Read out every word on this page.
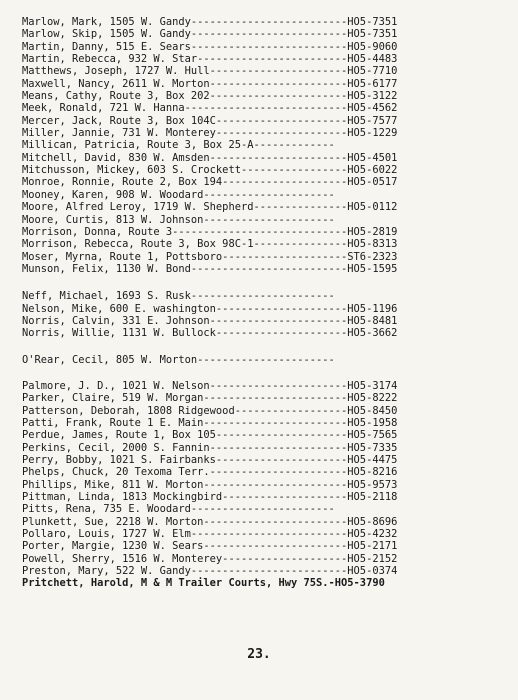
Marlow, Mark, 1505 W. Gandy-------------------------HO5-7351
Marlow, Skip, 1505 W. Gandy-------------------------HO5-7351
Martin, Danny, 515 E. Sears-------------------------HO5-9060
Martin, Rebecca, 932 W. Star------------------------HO5-4483
Matthews, Joseph, 1727 W. Hull----------------------HO5-7710
Maxwell, Nancy, 2611 W. Morton----------------------HO5-6177
Means, Cathy, Route 3, Box 202----------------------HO5-3122
Meek, Ronald, 721 W. Hanna--------------------------HO5-4562
Mercer, Jack, Route 3, Box 104C---------------------HO5-7577
Miller, Jannie, 731 W. Monterey---------------------HO5-1229
Millican, Patricia, Route 3, Box 25-A-------------
Mitchell, David, 830 W. Amsden----------------------HO5-4501
Mitchusson, Mickey, 603 S. Crockett-----------------HO5-6022
Monroe, Ronnie, Route 2, Box 194--------------------HO5-0517
Mooney, Karen, 908 W. Woodard---------------------
Moore, Alfred Leroy, 1719 W. Shepherd---------------HO5-0112
Moore, Curtis, 813 W. Johnson---------------------
Morrison, Donna, Route 3----------------------------HO5-2819
Morrison, Rebecca, Route 3, Box 98C-1---------------HO5-8313
Moser, Myrna, Route 1, Pottsboro--------------------ST6-2323
Munson, Felix, 1130 W. Bond-------------------------HO5-1595
Neff, Michael, 1693 S. Rusk-----------------------
Nelson, Mike, 600 E. washington---------------------HO5-1196
Norris, Calvin, 331 E. Johnson----------------------HO5-8481
Norris, Willie, 1131 W. Bullock---------------------HO5-3662
O'Rear, Cecil, 805 W. Morton----------------------
Palmore, J. D., 1021 W. Nelson----------------------HO5-3174
Parker, Claire, 519 W. Morgan-----------------------HO5-8222
Patterson, Deborah, 1808 Ridgewood------------------HO5-8450
Patti, Frank, Route 1 E. Main-----------------------HO5-1958
Perdue, James, Route 1, Box 105---------------------HO5-7565
Perkins, Cecil, 2000 S. Fannin----------------------HO5-7335
Perry, Bobby, 1021 S. Fairbanks---------------------HO5-4475
Phelps, Chuck, 20 Texoma Terr.----------------------HO5-8216
Phillips, Mike, 811 W. Morton-----------------------HO5-9573
Pittman, Linda, 1813 Mockingbird--------------------HO5-2118
Pitts, Rena, 735 E. Woodard-----------------------
Plunkett, Sue, 2218 W. Morton-----------------------HO5-8696
Pollaro, Louis, 1727 W. Elm-------------------------HO5-4232
Porter, Margie, 1230 W. Sears-----------------------HO5-2171
Powell, Sherry, 1516 W. Monterey--------------------HO5-2152
Preston, Mary, 522 W. Gandy-------------------------HO5-0374
Pritchett, Harold, M & M Trailer Courts, Hwy 75S.-HO5-3790
23.
